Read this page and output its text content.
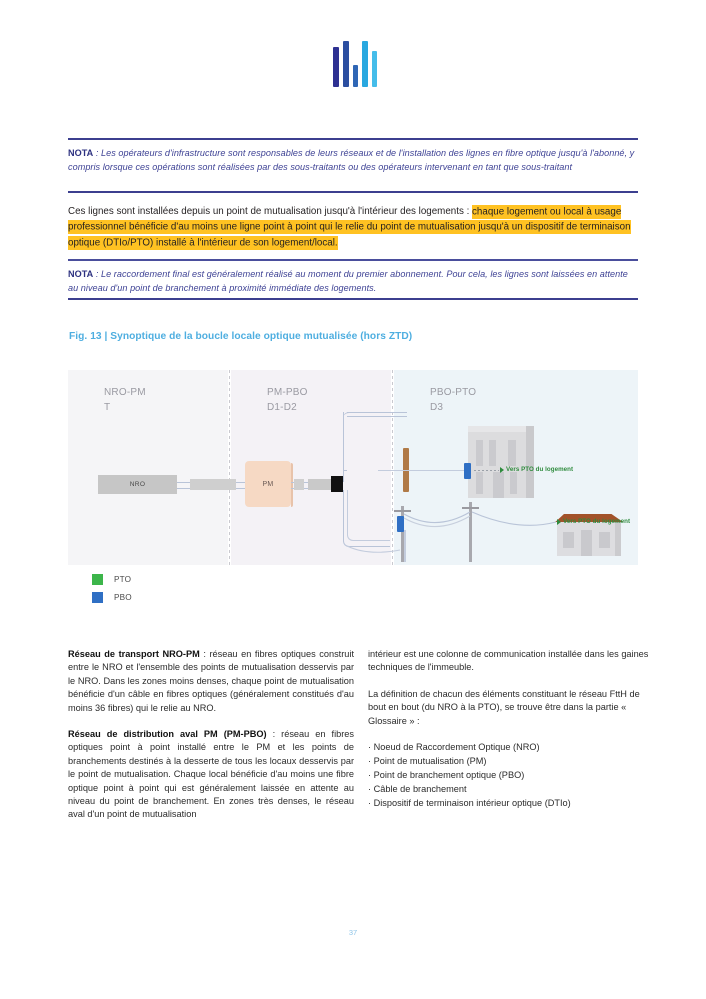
NOTA : Les opérateurs d'infrastructure sont responsables de leurs réseaux et de l'installation des lignes en fibre optique jusqu'à l'abonné, y compris lorsque ces opérations sont réalisées par des sous-traitants ou des opérateurs intervenant en tant que sous-traitant
Ces lignes sont installées depuis un point de mutualisation jusqu'à l'intérieur des logements : chaque logement ou local à usage professionnel bénéficie d'au moins une ligne point à point qui le relie du point de mutualisation jusqu'à un dispositif de terminaison optique (DTIo/PTO) installé à l'intérieur de son logement/local.
NOTA : Le raccordement final est généralement réalisé au moment du premier abonnement. Pour cela, les lignes sont laissées en attente au niveau d'un point de branchement à proximité immédiate des logements.
Fig. 13 | Synoptique de la boucle locale optique mutualisée (hors ZTD)
NRO-PM
T
PM-PBO
D1-D2
PBO-PTO
D3
NRO	PM
Vers PTO du logement
Vers PTO du logement
PTO
PBO

Réseau de transport NRO-PM : réseau en fibres optiques construit entre le NRO et l'ensemble des points de mutualisation desservis par le NRO. Dans les zones moins denses, chaque point de mutualisation bénéficie d'un câble en fibres optiques (généralement constitués d'au moins 36 fibres) qui le relie au NRO.

Réseau de distribution aval PM (PM-PBO) : réseau en fibres optiques point à point installé entre le PM et les points de branchements destinés à la desserte de tous les locaux desservis par le point de mutualisation. Chaque local bénéficie d'au moins une fibre optique point à point qui est généralement laissée en attente au niveau du point de branchement. En zones très denses, le réseau aval d'un point de mutualisation

intérieur est une colonne de communication installée dans les gaines techniques de l'immeuble.

La définition de chacun des éléments constituant le réseau FttH de bout en bout (du NRO à la PTO), se trouve être dans la partie « Glossaire » :

· Noeud de Raccordement Optique (NRO)
· Point de mutualisation (PM)
· Point de branchement optique (PBO)
· Câble de branchement
· Dispositif de terminaison intérieur optique (DTIo)
37
